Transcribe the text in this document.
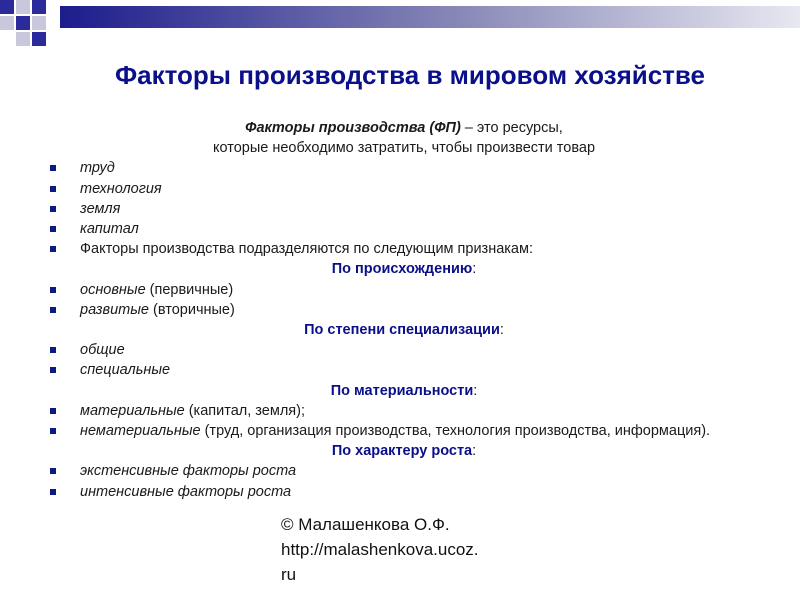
Факторы производства в мировом хозяйстве
Факторы производства (ФП) – это ресурсы,
которые необходимо затратить, чтобы произвести товар
труд
технология
земля
капитал
Факторы производства подразделяются по следующим признакам:
По происхождению:
основные (первичные)
развитые (вторичные)
По степени специализации:
общие
специальные
По материальности:
материальные (капитал, земля);
нематериальные (труд, организация производства, технология производства, информация).
По характеру роста:
экстенсивные факторы роста
интенсивные факторы роста
© Малашенкова О.Ф.
http://malashenkova.ucoz.
ru
